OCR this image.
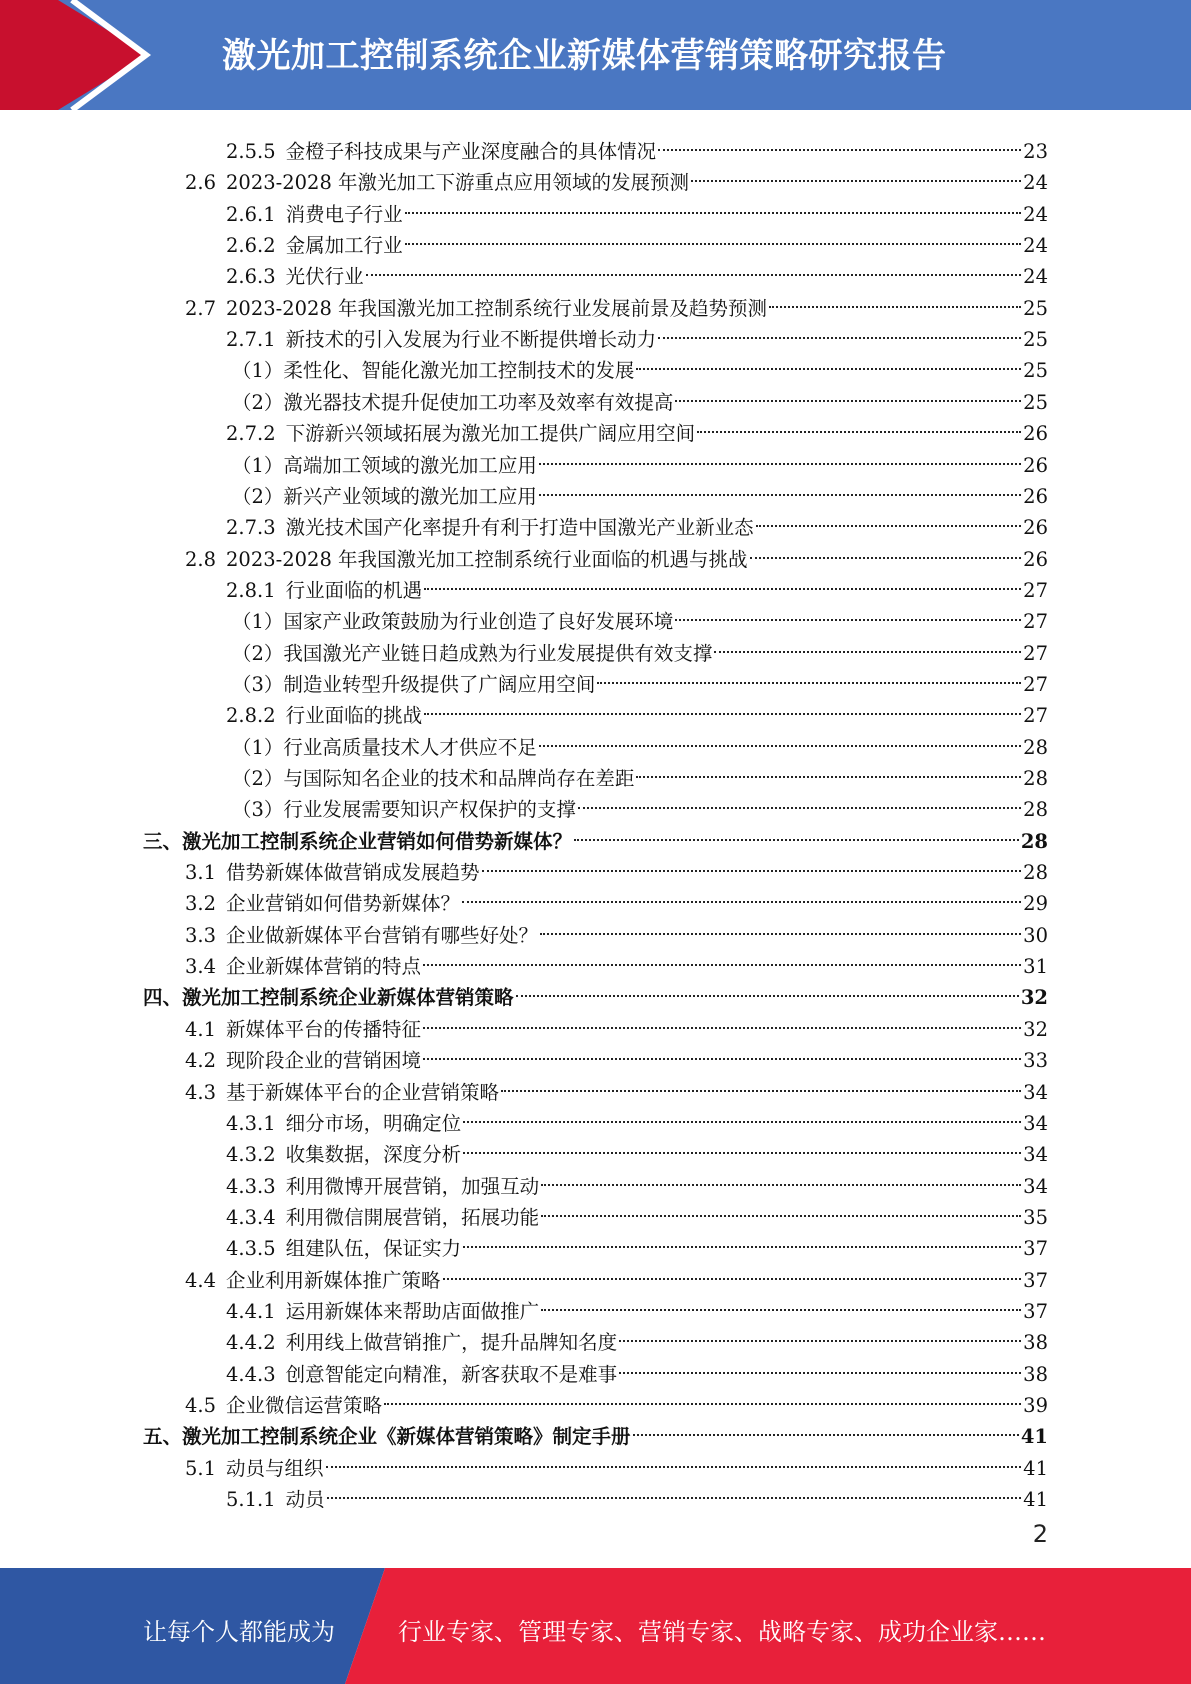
激光加工控制系统企业新媒体营销策略研究报告
2.5.5 金橙子科技成果与产业深度融合的具体情况	23
2.6 2023-2028 年激光加工下游重点应用领域的发展预测	24
2.6.1 消费电子行业	24
2.6.2 金属加工行业	24
2.6.3 光伏行业	24
2.7 2023-2028 年我国激光加工控制系统行业发展前景及趋势预测	25
2.7.1 新技术的引入发展为行业不断提供增长动力	25
（1） 柔性化、智能化激光加工控制技术的发展	25
（2） 激光器技术提升促使加工功率及效率有效提高	25
2.7.2 下游新兴领域拓展为激光加工提供广阔应用空间	26
（1） 高端加工领域的激光加工应用	26
（2） 新兴产业领域的激光加工应用	26
2.7.3 激光技术国产化率提升有利于打造中国激光产业新业态	26
2.8 2023-2028 年我国激光加工控制系统行业面临的机遇与挑战	26
2.8.1 行业面临的机遇	27
（1） 国家产业政策鼓励为行业创造了良好发展环境	27
（2） 我国激光产业链日趋成熟为行业发展提供有效支撑	27
（3） 制造业转型升级提供了广阔应用空间	27
2.8.2 行业面临的挑战	27
（1） 行业高质量技术人才供应不足	28
（2） 与国际知名企业的技术和品牌尚存在差距	28
（3） 行业发展需要知识产权保护的支撑	28
三、 激光加工控制系统企业营销如何借势新媒体？	28
3.1 借势新媒体做营销成发展趋势	28
3.2 企业营销如何借势新媒体？	29
3.3 企业做新媒体平台营销有哪些好处？	30
3.4 企业新媒体营销的特点	31
四、 激光加工控制系统企业新媒体营销策略	32
4.1 新媒体平台的传播特征	32
4.2 现阶段企业的营销困境	33
4.3 基于新媒体平台的企业营销策略	34
4.3.1 细分市场，明确定位	34
4.3.2 收集数据，深度分析	34
4.3.3 利用微博开展营销，加强互动	34
4.3.4 利用微信開展营销，拓展功能	35
4.3.5 组建队伍，保证实力	37
4.4 企业利用新媒体推广策略	37
4.4.1 运用新媒体来帮助店面做推广	37
4.4.2 利用线上做营销推广，提升品牌知名度	38
4.4.3 创意智能定向精准，新客获取不是难事	38
4.5 企业微信运营策略	39
五、 激光加工控制系统企业《新媒体营销策略》制定手册	41
5.1 动员与组织	41
5.1.1 动员	41
2
让每个人都能成为	行业专家、管理专家、营销专家、战略专家、成功企业家……
